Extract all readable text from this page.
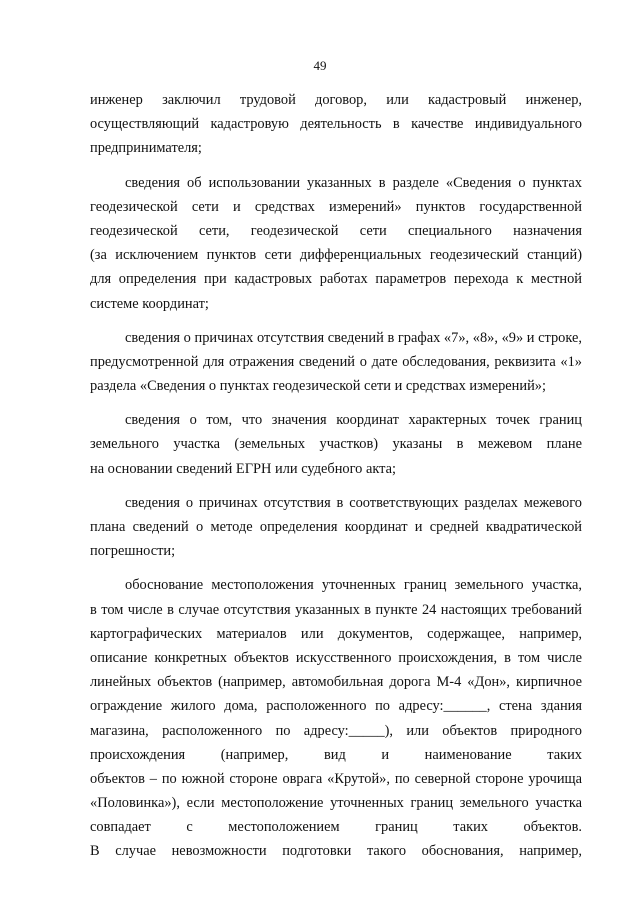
49
инженер заключил трудовой договор, или кадастровый инженер,
осуществляющий кадастровую деятельность в качестве индивидуального
предпринимателя;
сведения об использовании указанных в разделе «Сведения о пунктах
геодезической сети и средствах измерений» пунктов государственной
геодезической сети, геодезической сети специального назначения
(за исключением пунктов сети дифференциальных геодезический станций)
для определения при кадастровых работах параметров перехода к местной
системе координат;
сведения о причинах отсутствия сведений в графах «7», «8», «9» и строке,
предусмотренной для отражения сведений о дате обследования, реквизита «1»
раздела «Сведения о пунктах геодезической сети и средствах измерений»;
сведения о том, что значения координат характерных точек границ
земельного участка (земельных участков) указаны в межевом плане
на основании сведений ЕГРН или судебного акта;
сведения о причинах отсутствия в соответствующих разделах межевого
плана сведений о методе определения координат и средней квадратической
погрешности;
обоснование местоположения уточненных границ земельного участка,
в том числе в случае отсутствия указанных в пункте 24 настоящих требований
картографических материалов или документов, содержащее, например,
описание конкретных объектов искусственного происхождения, в том числе
линейных объектов (например, автомобильная дорога М-4 «Дон», кирпичное
ограждение жилого дома, расположенного по адресу:______, стена здания
магазина, расположенного по адресу:_____), или объектов природного
происхождения (например, вид и наименование таких
объектов – по южной стороне оврага «Крутой», по северной стороне урочища
«Половинка»), если местоположение уточненных границ земельного участка
совпадает с местоположением границ таких объектов.
В случае невозможности подготовки такого обоснования, например,
